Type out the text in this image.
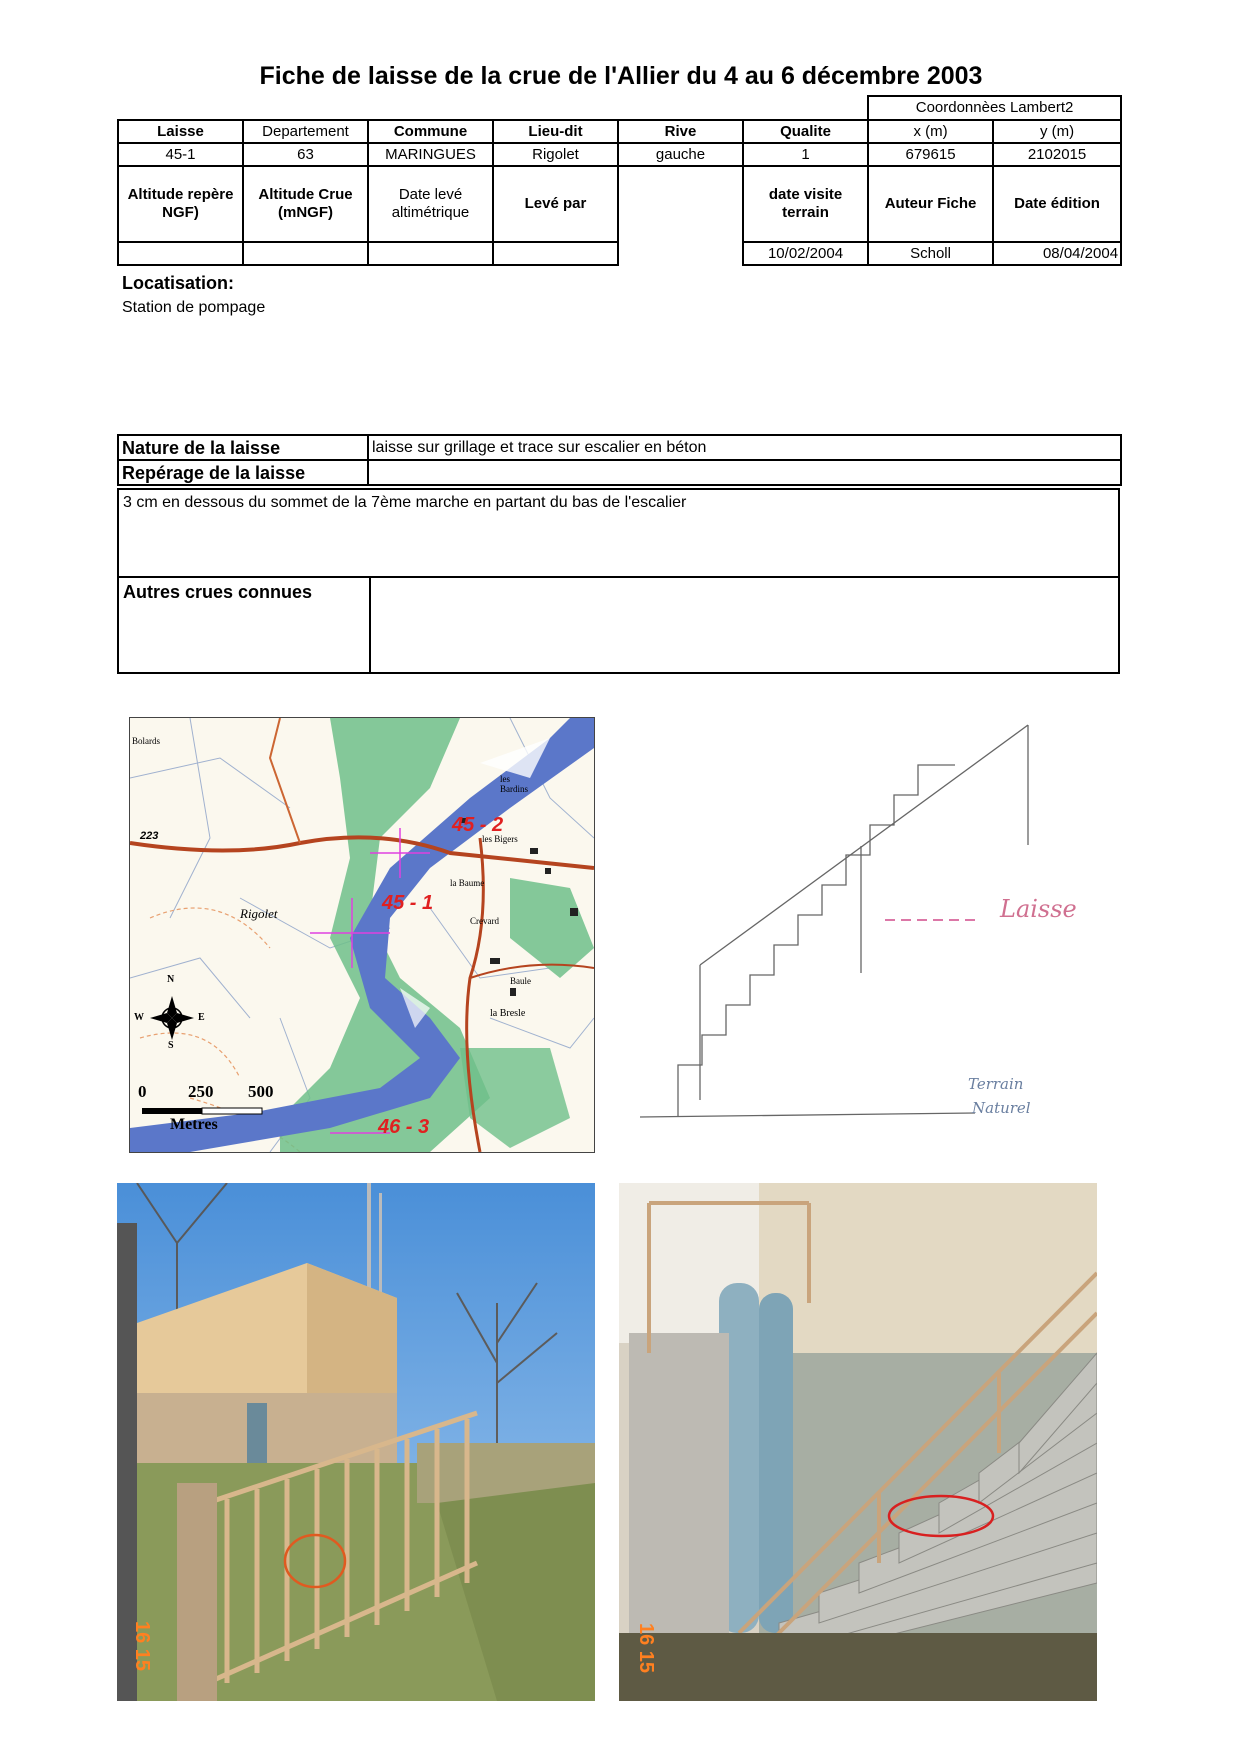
Fiche de laisse de la crue de l'Allier du 4 au 6 décembre 2003
						Coordonnèes Lambert2	
Laisse	Departement	Commune	Lieu-dit	Rive	Qualite	x (m)	y (m)
45-1	63	MARINGUES	Rigolet	gauche	1	679615	2102015
Altitude repère NGF)	Altitude Crue (mNGF)	Date levé altimétrique	Levé par		date visite terrain	Auteur Fiche	Date édition
					10/02/2004	Scholl	08/04/2004
Locatisation:
Station de pompage
Nature de la laisse	laisse sur grillage et trace sur escalier en béton
Repérage de la laisse	
3 cm en dessous du sommet de la 7ème marche en partant du bas de l'escalier
Autres crues connues
Bolards
les Bardins
les Bigers
la Baume
Crevard
la Bresle
Baule
Rigolet
223	45 - 2
45 - 1
46 - 3
N
S
E
W
0 250 500
Metres
Laisse
Terrain
Naturel
16 15	16 15
